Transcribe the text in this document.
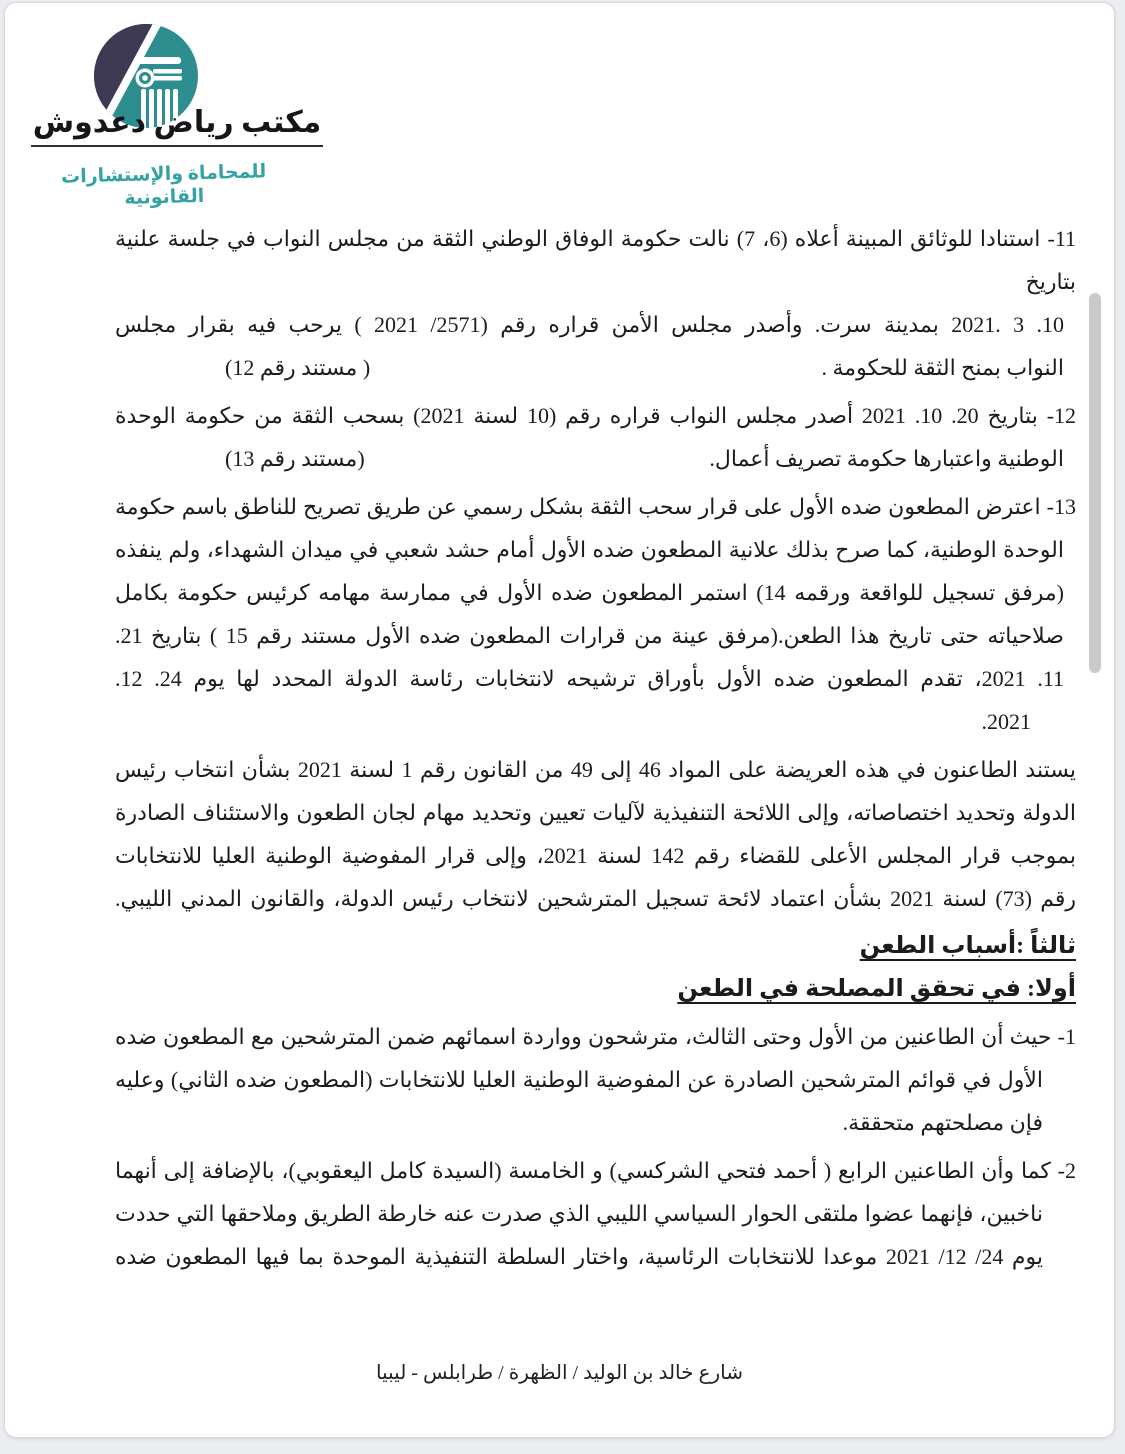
مكتب رياض دعدوش
للمحاماة والإستشارات القانونية
11- استنادا للوثائق المبينة أعلاه (6، 7) نالت حكومة الوفاق الوطني الثقة من مجلس النواب في جلسة علنية بتاريخ
10. 3 .2021 بمدينة سرت. وأصدر مجلس الأمن قراره رقم (2571/ 2021 ) يرحب فيه بقرار مجلس
النواب بمنح الثقة للحكومة .
( مستند رقم 12)
12- بتاريخ 20. 10. 2021 أصدر مجلس النواب قراره رقم (10 لسنة 2021) بسحب الثقة من حكومة الوحدة
الوطنية واعتبارها حكومة تصريف أعمال.
(مستند رقم 13)
13- اعترض المطعون ضده الأول على قرار سحب الثقة بشكل رسمي عن طريق تصريح للناطق باسم حكومة
الوحدة الوطنية، كما صرح بذلك علانية المطعون ضده الأول أمام حشد شعبي في ميدان الشهداء، ولم ينفذه
(مرفق تسجيل للواقعة ورقمه 14) استمر المطعون ضده الأول في ممارسة مهامه كرئيس حكومة بكامل
صلاحياته حتى تاريخ هذا الطعن.(مرفق عينة من قرارات المطعون ضده الأول مستند رقم 15 ) بتاريخ 21.
11. 2021، تقدم المطعون ضده الأول بأوراق ترشيحه لانتخابات رئاسة الدولة المحدد لها يوم 24. 12.
2021.
يستند الطاعنون في هذه العريضة على المواد 46 إلى 49 من القانون رقم 1 لسنة 2021 بشأن انتخاب رئيس
الدولة وتحديد اختصاصاته، وإلى اللائحة التنفيذية لآليات تعيين وتحديد مهام لجان الطعون والاستئناف الصادرة
بموجب قرار المجلس الأعلى للقضاء رقم 142 لسنة 2021، وإلى قرار المفوضية الوطنية العليا للانتخابات
رقم (73) لسنة 2021 بشأن اعتماد لائحة تسجيل المترشحين لانتخاب رئيس الدولة، والقانون المدني الليبي.
ثالثاً :أسباب الطعن
أولا: في تحقق المصلحة في الطعن
1- حيث أن الطاعنين من الأول وحتى الثالث، مترشحون وواردة اسمائهم ضمن المترشحين مع المطعون ضده
الأول في قوائم المترشحين الصادرة عن المفوضية الوطنية العليا للانتخابات (المطعون ضده الثاني) وعليه
فإن مصلحتهم متحققة.
2- كما وأن الطاعنين الرابع ( أحمد فتحي الشركسي) و الخامسة (السيدة كامل اليعقوبي)، بالإضافة إلى أنهما
ناخبين، فإنهما عضوا ملتقى الحوار السياسي الليبي الذي صدرت عنه خارطة الطريق وملاحقها التي حددت
يوم 24/ 12/ 2021 موعدا للانتخابات الرئاسية، واختار السلطة التنفيذية الموحدة بما فيها المطعون ضده
شارع خالد بن الوليد / الظهرة / طرابلس - ليبيا
